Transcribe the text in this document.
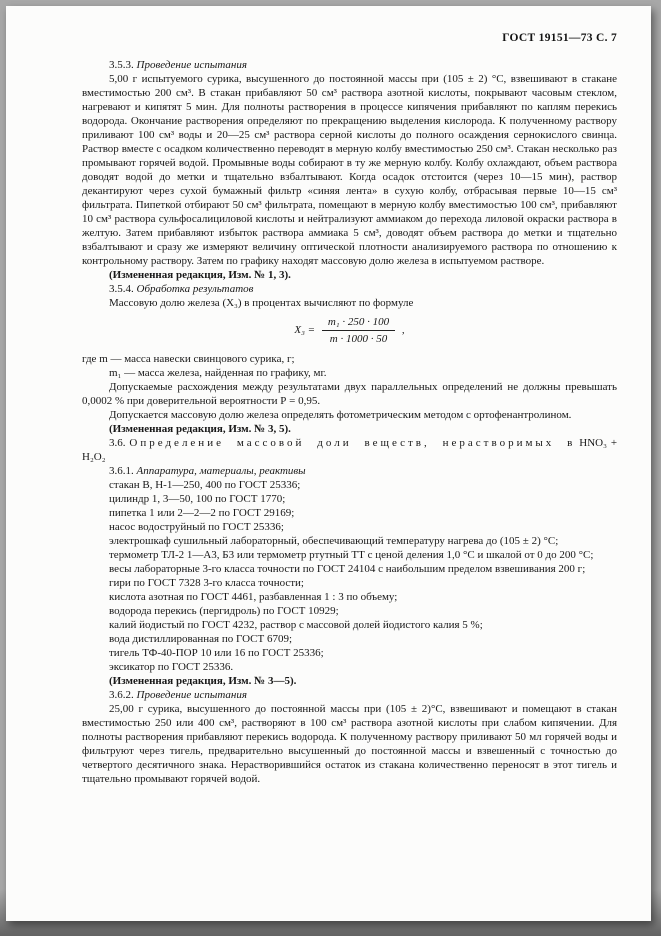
ГОСТ 19151—73 С. 7

3.5.3. Проведение испытания

5,00 г испытуемого сурика, высушенного до постоянной массы при (105 ± 2) °С, взвешивают в стакане вместимостью 200 см³. В стакан прибавляют 50 см³ раствора азотной кислоты, покрывают часовым стеклом, нагревают и кипятят 5 мин. Для полноты растворения в процессе кипячения прибавляют по каплям перекись водорода. Окончание растворения определяют по прекращению выделения кислорода. К полученному раствору приливают 100 см³ воды и 20—25 см³ раствора серной кислоты до полного осаждения сернокислого свинца. Раствор вместе с осадком количественно переводят в мерную колбу вместимостью 250 см³. Стакан несколько раз промывают горячей водой. Промывные воды собирают в ту же мерную колбу. Колбу охлаждают, объем раствора доводят водой до метки и тщательно взбалтывают. Когда осадок отстоится (через 10—15 мин), раствор декантируют через сухой бумажный фильтр «синяя лента» в сухую колбу, отбрасывая первые 10—15 см³ фильтрата. Пипеткой отбирают 50 см³ фильтрата, помещают в мерную колбу вместимостью 100 см³, прибавляют 10 см³ раствора сульфосалициловой кислоты и нейтрализуют аммиаком до перехода лиловой окраски раствора в желтую. Затем прибавляют избыток раствора аммиака 5 см³, доводят объем раствора до метки и тщательно взбалтывают и сразу же измеряют величину оптической плотности анализируемого раствора по отношению к контрольному раствору. Затем по графику находят массовую долю железа в испытуемом растворе.

(Измененная редакция, Изм. № 1, 3).

3.5.4. Обработка результатов

Массовую долю железа (X₃) в процентах вычисляют по формуле

$X_3 = \frac{\text{m₁ · 250 · 100}}{m \cdot 1000 \cdot 50}$ ,

где m — масса навески свинцового сурика, г;

m₁ — масса железа, найденная по графику, мг.

Допускаемые расхождения между результатами двух параллельных определений не должны превышать 0,0002 % при доверительной вероятности Р = 0,95.

Допускается массовую долю железа определять фотометрическим методом с ортофенантролином.

(Измененная редакция, Изм. № 3, 5).

3.6. Определение массовой доли веществ, нерастворимых в HNO₃ + H₂O₂

3.6.1. Аппаратура, материалы, реактивы

стакан В, Н-1—250, 400 по ГОСТ 25336;

цилиндр 1, 3—50, 100 по ГОСТ 1770;

пипетка 1 или 2—2—2 по ГОСТ 29169;

насос водоструйный по ГОСТ 25336;

электрошкаф сушильный лабораторный, обеспечивающий температуру нагрева до (105 ± 2) °С;

термометр ТЛ-2 1—А3, Б3 или термометр ртутный ТТ с ценой деления 1,0 °С и шкалой от 0 до 200 °С;

весы лабораторные 3-го класса точности по ГОСТ 24104 с наибольшим пределом взвешивания 200 г;

гири по ГОСТ 7328 3-го класса точности;

кислота азотная по ГОСТ 4461, разбавленная 1 : 3 по объему;

водорода перекись (пергидроль) по ГОСТ 10929;

калий йодистый по ГОСТ 4232, раствор с массовой долей йодистого калия 5 %;

вода дистиллированная по ГОСТ 6709;

тигель ТФ-40-ПОР 10 или 16 по ГОСТ 25336;

эксикатор по ГОСТ 25336.

(Измененная редакция, Изм. № 3—5).

3.6.2. Проведение испытания

25,00 г сурика, высушенного до постоянной массы при (105 ± 2)°С, взвешивают и помещают в стакан вместимостью 250 или 400 см³, растворяют в 100 см³ раствора азотной кислоты при слабом кипячении. Для полноты растворения прибавляют перекись водорода. К полученному раствору приливают 50 мл горячей воды и фильтруют через тигель, предварительно высушенный до постоянной массы и взвешенный с точностью до четвертого десятичного знака. Нерастворившийся остаток из стакана количественно переносят в этот тигель и тщательно промывают горячей водой.
